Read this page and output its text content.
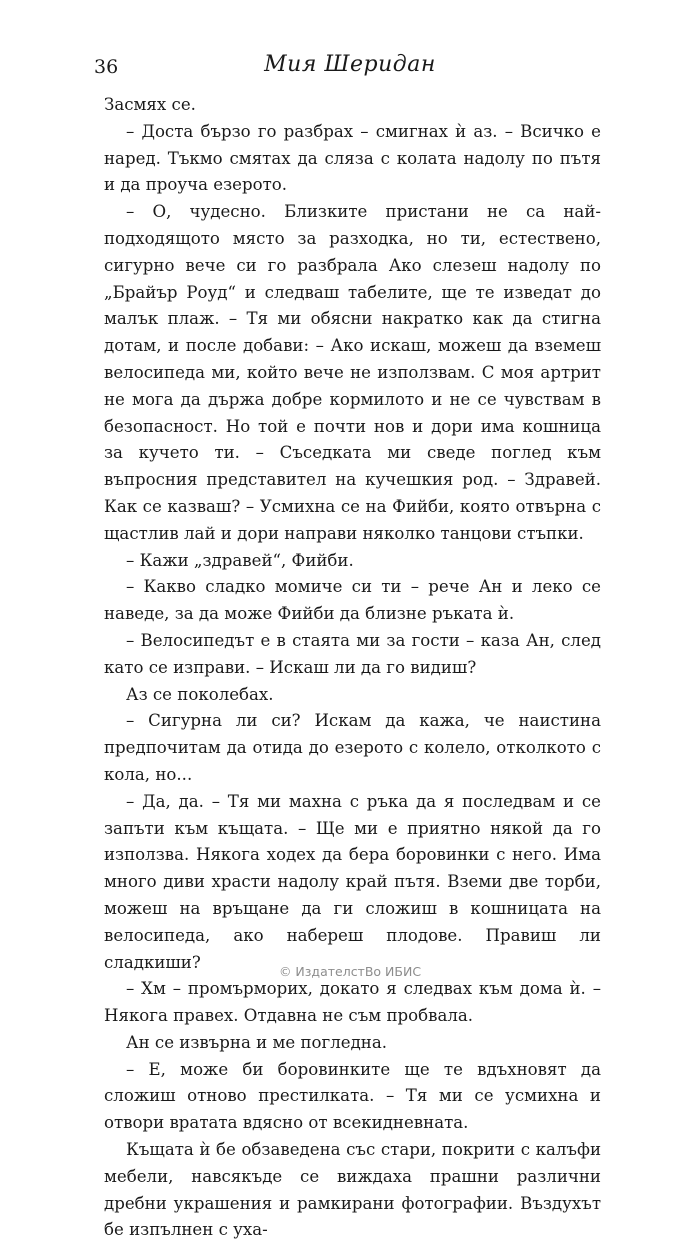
36	Мия Шеридан

Засмях се.

– Доста бързо го разбрах – смигнах ѝ аз. – Всичко е наред. Тъкмо смятах да сляза с колата надолу по пътя и да проуча езерото.

– О, чудесно. Близките пристани не са най-подходящото място за разходка, но ти, естествено, сигурно вече си го разбрала Ако слезеш надолу по „Брайър Роуд“ и следваш табелите, ще те изведат до малък плаж. – Тя ми обясни накратко как да стигна дотам, и после добави: – Ако искаш, можеш да вземеш велосипеда ми, който вече не използвам. С моя артрит не мога да държа добре кормилото и не се чувствам в безопасност. Но той е почти нов и дори има кошница за кучето ти. – Съседката ми сведе поглед към въпросния представител на кучешкия род. – Здравей. Как се казваш? – Усмихна се на Фийби, която отвърна с щастлив лай и дори направи няколко танцови стъпки.

– Кажи „здравей“, Фийби.

– Какво сладко момиче си ти – рече Ан и леко се наведе, за да може Фийби да близне ръката ѝ.

– Велосипедът е в стаята ми за гости – каза Ан, след като се изправи. – Искаш ли да го видиш?

Аз се поколебах.

– Сигурна ли си? Искам да кажа, че наистина предпочитам да отида до езерото с колело, отколкото с кола, но...

– Да, да. – Тя ми махна с ръка да я последвам и се запъти към къщата. – Ще ми е приятно някой да го използва. Някога ходех да бера боровинки с него. Има много диви храсти надолу край пътя. Вземи две торби, можеш на връщане да ги сложиш в кошницата на велосипеда, ако набереш плодове. Правиш ли сладкиши?

– Хм – промърморих, докато я следвах към дома ѝ. – Някога правех. Отдавна не съм пробвала.

Ан се извърна и ме погледна.

– Е, може би боровинките ще те вдъхновят да сложиш отново престилката. – Тя ми се усмихна и отвори вратата вдясно от всекидневната.

Къщата ѝ бе обзаведена със стари, покрити с калъфи мебели, навсякъде се виждаха прашни различни дребни украшения и рамкирани фотографии. Въздухът бе изпълнен с уха-

© ИздателстВо ИБИС
